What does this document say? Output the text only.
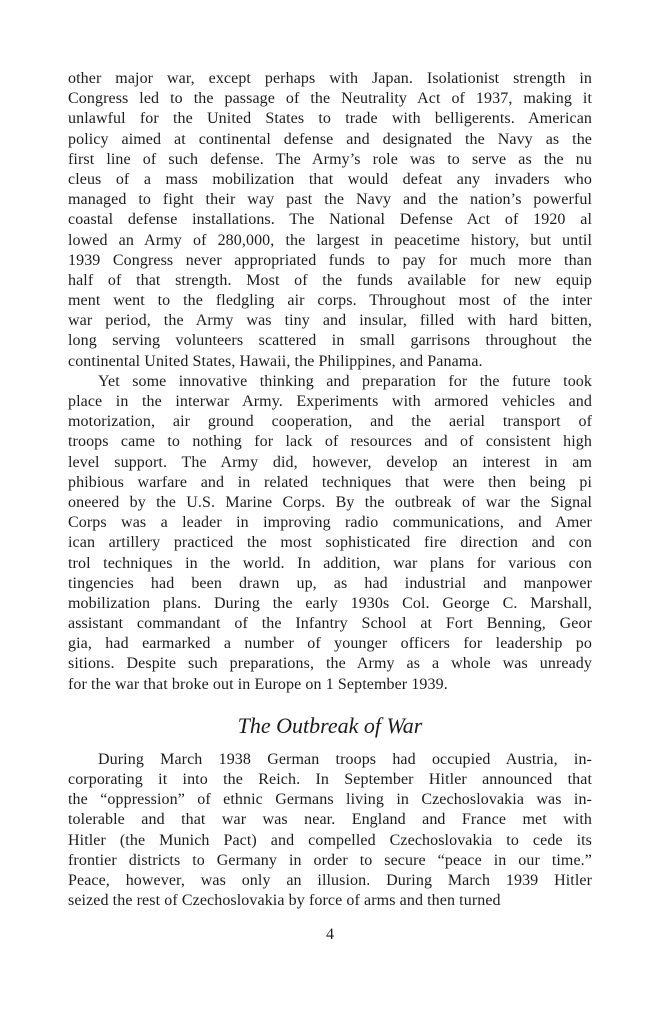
other major war, except perhaps with Japan. Isolationist strength in
Congress led to the passage of the Neutrality Act of 1937, making it
unlawful for the United States to trade with belligerents. American
policy aimed at continental defense and designated the Navy as the
first line of such defense. The Army’s role was to serve as the nu
cleus of a mass mobilization that would defeat any invaders who
managed to fight their way past the Navy and the nation’s powerful
coastal defense installations. The National Defense Act of 1920 al
lowed an Army of 280,000, the largest in peacetime history, but until
1939 Congress never appropriated funds to pay for much more than
half of that strength. Most of the funds available for new equip
ment went to the fledgling air corps. Throughout most of the inter
war period, the Army was tiny and insular, filled with hard bitten,
long serving volunteers scattered in small garrisons throughout the
continental United States, Hawaii, the Philippines, and Panama.
Yet some innovative thinking and preparation for the future took
place in the interwar Army. Experiments with armored vehicles and
motorization, air ground cooperation, and the aerial transport of
troops came to nothing for lack of resources and of consistent high
level support. The Army did, however, develop an interest in am
phibious warfare and in related techniques that were then being pi
oneered by the U.S. Marine Corps. By the outbreak of war the Signal
Corps was a leader in improving radio communications, and Amer
ican artillery practiced the most sophisticated fire direction and con
trol techniques in the world. In addition, war plans for various con
tingencies had been drawn up, as had industrial and manpower
mobilization plans. During the early 1930s Col. George C. Marshall,
assistant commandant of the Infantry School at Fort Benning, Geor
gia, had earmarked a number of younger officers for leadership po
sitions. Despite such preparations, the Army as a whole was unready
for the war that broke out in Europe on 1 September 1939.
The Outbreak of War
During March 1938 German troops had occupied Austria, in-
corporating it into the Reich. In September Hitler announced that
the “oppression” of ethnic Germans living in Czechoslovakia was in-
tolerable and that war was near. England and France met with
Hitler (the Munich Pact) and compelled Czechoslovakia to cede its
frontier districts to Germany in order to secure “peace in our time.”
Peace, however, was only an illusion. During March 1939 Hitler
seized the rest of Czechoslovakia by force of arms and then turned
4
